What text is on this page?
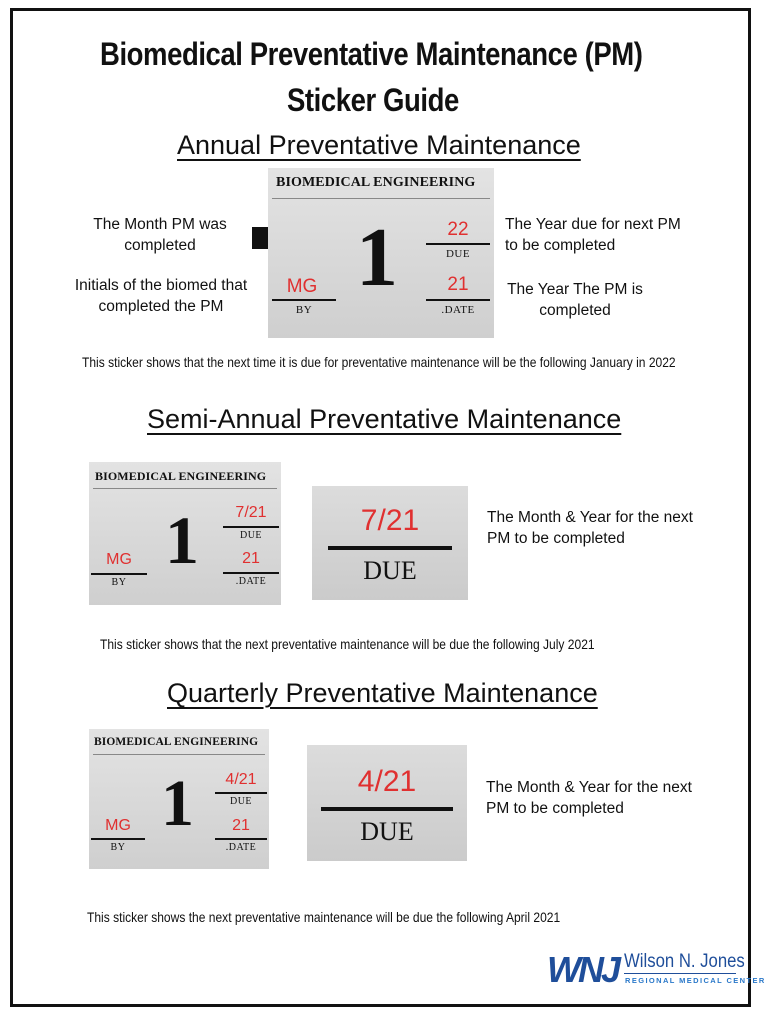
Biomedical Preventative Maintenance (PM)
Sticker Guide
Annual Preventative Maintenance
The Month PM was completed
Initials of the biomed that completed the PM
The Year due for next PM to be completed
The Year The PM is completed
BIOMEDICAL ENGINEERING
1	22
DUE
21
.DATE
MG
BY
This sticker shows that the next time it is due for preventative maintenance will be the following January in 2022
Semi-Annual Preventative Maintenance
BIOMEDICAL ENGINEERING
1	7/21
DUE
21
.DATE
MG
BY
7/21
DUE
The Month & Year for the next PM to be completed
This sticker shows that the next preventative maintenance will be due the following July 2021
Quarterly Preventative Maintenance
BIOMEDICAL ENGINEERING
1	4/21
DUE
21
.DATE
MG
BY
4/21
DUE
The Month & Year for the next PM to be completed
This sticker shows the next preventative maintenance will be due the following April 2021
WNJ Wilson N. Jones
REGIONAL MEDICAL CENTER
